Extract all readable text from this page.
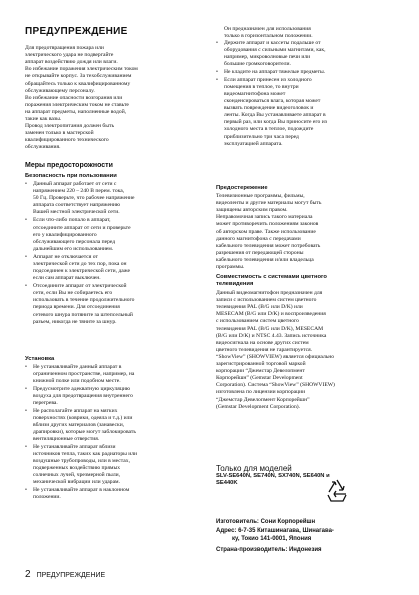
ПРЕДУПРЕЖДЕНИЕ
Для предотвращения пожара или
электрического удара не подвергайте
аппарат воздействию дождя или влаги.
Во избежание поражения электрическим током
не открывайте корпус. За техобслуживанием
обращайтесь только к квалифицированному
обслуживающему персоналу.
Во избежание опасности возгорания или
поражения электрическим током не ставьте
на аппарат предметы, наполненные водой,
такие как вазы.
Провод электропитания должен быть
заменен только в мастерской
квалифицированного технического
обслуживания.
Меры предосторожности
Безопасность при пользовании
• Данный аппарат работает от сети с
напряжением 220 – 240 В перем. тока,
50 Гц. Проверьте, что рабочее напряжение
аппарата соответствует напряжению
Вашей местной электрической сети.
• Если что-либо попало в аппарат,
отсоедините аппарат от сети и проверьте
его у квалифицированного
обслуживающего персонала перед
дальнейшим его использованием.
• Аппарат не отключается от
электрической сети до тех пор, пока он
подсоединен к электрической сети, даже
если сам аппарат выключен.
• Отсоедините аппарат от электрической
сети, если Вы не собираетесь его
использовать в течение продолжительного
периода времени. Для отсоединения
сетевого шнура потяните за штепсельный
разъем, никогда не тяните за шнур.
Установка
• Не устанавливайте данный аппарат в
ограниченном пространстве, например, на
книжной полке или подобном месте.
• Предусмотрите адекватную циркуляцию
воздуха для предотвращения внутреннего
перегрева.
• Не располагайте аппарат на мягких
поверхностях (коврики, одеяла и т.д.) или
вблизи других материалов (занавески,
драпировки), которые могут заблокировать
вентиляционные отверстия.
• Не устанавливайте аппарат вблизи
источников тепла, таких как радиаторы или
воздушные трубопроводы, или в местах,
подверженных воздействию прямых
солнечных лучей, чрезмерной пыли,
механической вибрации или ударам.
• Не устанавливайте аппарат в наклонном
положении.
Он предназначен для использования
только в горизонтальном положении.
• Держите аппарат и кассеты подальше от
оборудования с сильными магнитами, как,
например, микроволновые печи или
большие громкоговорители.
• Не кладите на аппарат тяжелые предметы.
• Если аппарат принесен из холодного
помещения в теплое, то внутри
видеомагнитофона может
сконденсироваться влага, которая может
вызвать повреждение видеоголовок и
ленты. Когда Вы устанавливаете аппарат в
первый раз, или когда Вы приносите его из
холодного места в теплое, подождите
приблизительно три часа перед
эксплуатацией аппарата.
Предостережение
Телевизионные программы, фильмы,
видеоленты и другие материалы могут быть
защищены авторским правом.
Неправомочная запись такого материала
может противоречить положениям законов
об авторском праве. Также использование
данного магнитофона с передачами
кабельного телевидения может потребовать
разрешения от передающей стороны
кабельного телевидения и/или владельца
программы.
Совместимость с системами цветного
телевидения
Данный видеомагнитофон предназначен для
записи с использованием систем цветного
телевидения PAL (B/G или D/K) или
MESECAM (B/G или D/K) и воспроизведения
с использованием систем цветного
телевидения PAL (B/G или D/K), MESECAM
(B/G или D/K) и NTSC 4.43. Запись источника
видеосигнала на основе других систем
цветного телевидения не гарантируется.
“ShowView” (SHOWVIEW) является официально
зарегистрированной торговой маркой
корпорации “Джемстар Девелопмент
Корпорейшн” (Gemstar Development
Corporation). Система “ShowView” (SHOWVIEW)
изготовлена по лицензии корпорации
“Джемстар Девелопмент Корпорейшн”
(Gemstar Development Corporation).
Только для моделей
SLV-SE640N, SE740N, SX740N, SE640N и
SE440K
Изготовитель: Сони Корпорейшн
Адрес: 6-7-35 Киташинагава, Шинагава-
ку, Токио 141-0001, Япония
Страна-производитель: Индонезия
2 ПРЕДУПРЕЖДЕНИЕ
